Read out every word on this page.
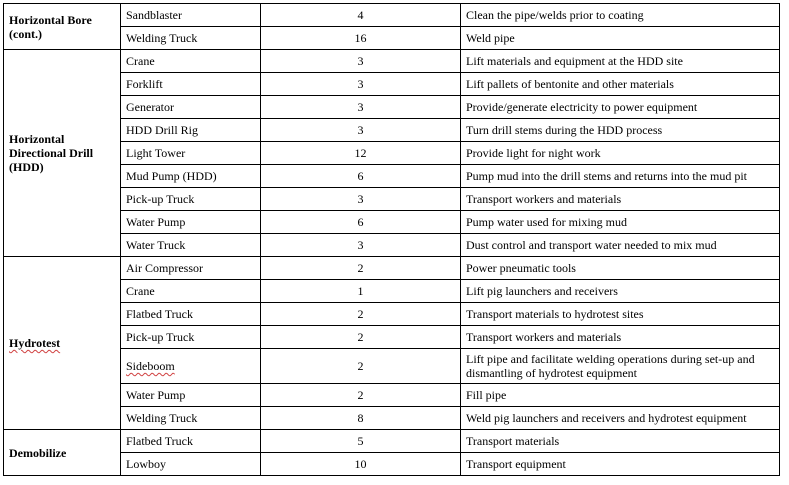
Horizontal Bore (cont.)	Sandblaster	4	Clean the pipe/welds prior to coating
	Welding Truck	16	Weld pipe
Horizontal Directional Drill (HDD)	Crane	3	Lift materials and equipment at the HDD site
	Forklift	3	Lift pallets of bentonite and other materials
	Generator	3	Provide/generate electricity to power equipment
	HDD Drill Rig	3	Turn drill stems during the HDD process
	Light Tower	12	Provide light for night work
	Mud Pump (HDD)	6	Pump mud into the drill stems and returns into the mud pit
	Pick-up Truck	3	Transport workers and materials
	Water Pump	6	Pump water used for mixing mud
	Water Truck	3	Dust control and transport water needed to mix mud
Hydrotest	Air Compressor	2	Power pneumatic tools
	Crane	1	Lift pig launchers and receivers
	Flatbed Truck	2	Transport materials to hydrotest sites
	Pick-up Truck	2	Transport workers and materials
	Sideboom	2	Lift pipe and facilitate welding operations during set-up and dismantling of hydrotest equipment
	Water Pump	2	Fill pipe
	Welding Truck	8	Weld pig launchers and receivers and hydrotest equipment
Demobilize	Flatbed Truck	5	Transport materials
	Lowboy	10	Transport equipment
